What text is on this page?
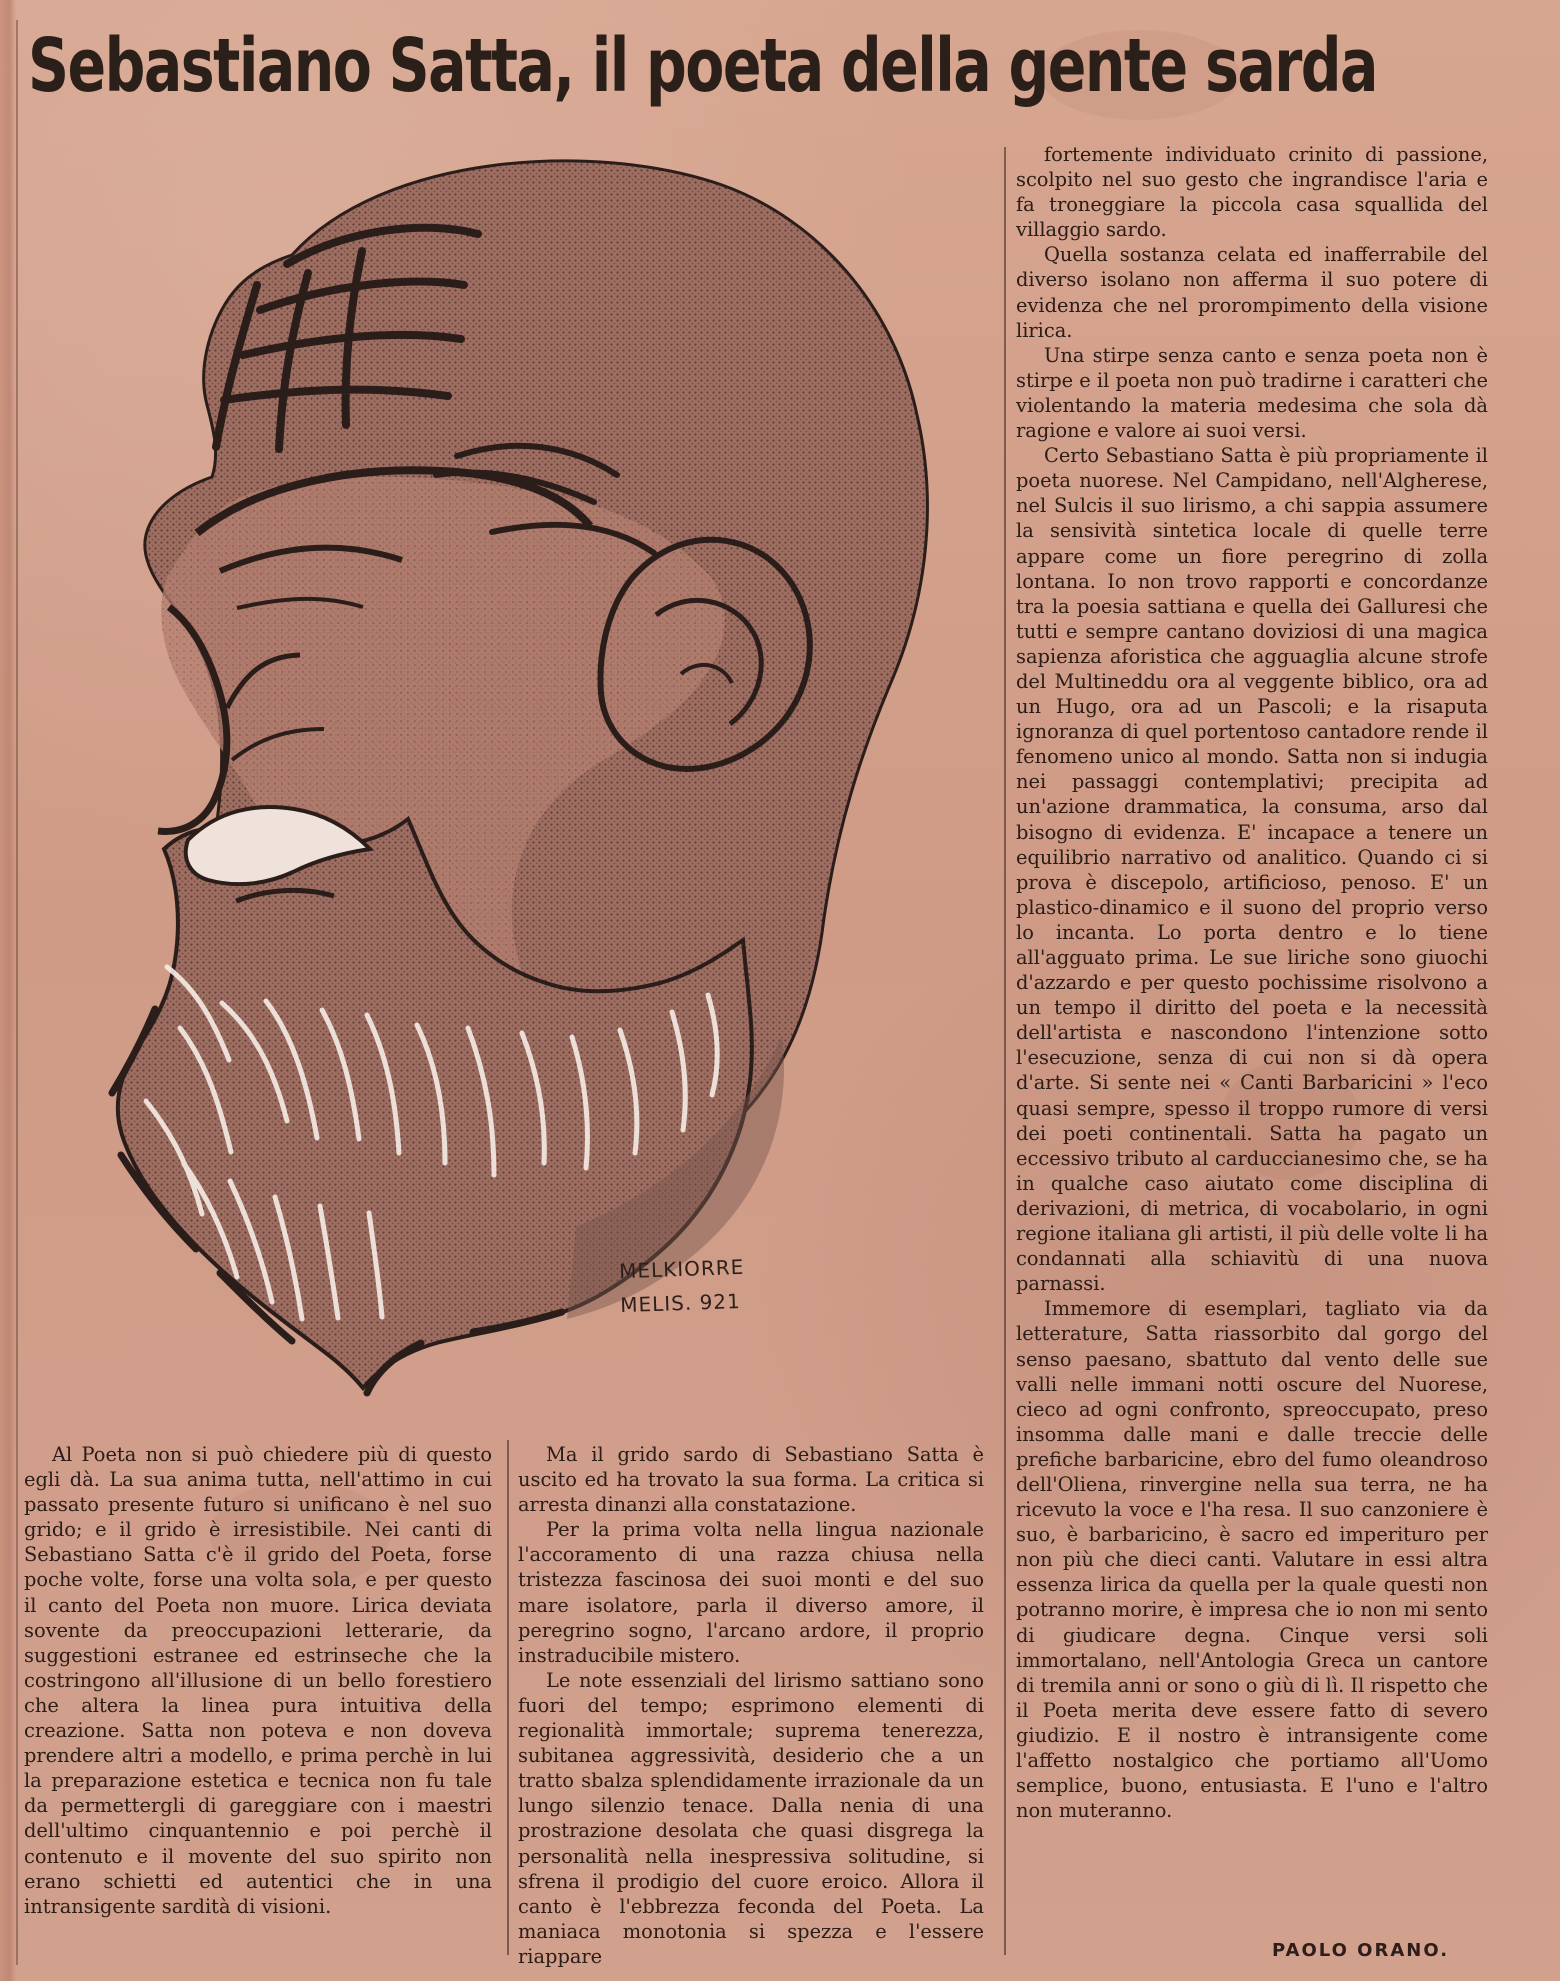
Sebastiano Satta, il poeta della gente sarda
MELKIORRE
MELIS. 921

fortemente individuato crinito di passione, scolpito nel suo gesto che ingrandisce l'aria e fa troneggiare la piccola casa squallida del villaggio sardo.

Quella sostanza celata ed inafferrabile del diverso isolano non afferma il suo potere di evidenza che nel prorompimento della visione lirica.

Una stirpe senza canto e senza poeta non è stirpe e il poeta non può tradirne i caratteri che violentando la materia medesima che sola dà ragione e valore ai suoi versi.

Certo Sebastiano Satta è più propriamente il poeta nuorese. Nel Campidano, nell'Algherese, nel Sulcis il suo lirismo, a chi sappia assumere la sensività sintetica locale di quelle terre appare come un fiore peregrino di zolla lontana. Io non trovo rapporti e concordanze tra la poesia sattiana e quella dei Galluresi che tutti e sempre cantano doviziosi di una magica sapienza aforistica che agguaglia alcune strofe del Multineddu ora al veggente biblico, ora ad un Hugo, ora ad un Pascoli; e la risaputa ignoranza di quel portentoso cantadore rende il fenomeno unico al mondo. Satta non si indugia nei passaggi contemplativi; precipita ad un'azione drammatica, la consuma, arso dal bisogno di evidenza. E' incapace a tenere un equilibrio narrativo od analitico. Quando ci si prova è discepolo, artificioso, penoso. E' un plastico-dinamico e il suono del proprio verso lo incanta. Lo porta dentro e lo tiene all'agguato prima. Le sue liriche sono giuochi d'azzardo e per questo pochissime risolvono a un tempo il diritto del poeta e la necessità dell'artista e nascondono l'intenzione sotto l'esecuzione, senza di cui non si dà opera d'arte. Si sente nei « Canti Barbaricini » l'eco quasi sempre, spesso il troppo rumore di versi dei poeti continentali. Satta ha pagato un eccessivo tributo al carduccianesimo che, se ha in qualche caso aiutato come disciplina di derivazioni, di metrica, di vocabolario, in ogni regione italiana gli artisti, il più delle volte li ha condannati alla schiavitù di una nuova parnassi.

Immemore di esemplari, tagliato via da letterature, Satta riassorbito dal gorgo del senso paesano, sbattuto dal vento delle sue valli nelle immani notti oscure del Nuorese, cieco ad ogni confronto, spreoccupato, preso insomma dalle mani e dalle treccie delle prefiche barbaricine, ebro del fumo oleandroso dell'Oliena, rinvergine nella sua terra, ne ha ricevuto la voce e l'ha resa. Il suo canzoniere è suo, è barbaricino, è sacro ed imperituro per non più che dieci canti. Valutare in essi altra essenza lirica da quella per la quale questi non potranno morire, è impresa che io non mi sento di giudicare degna. Cinque versi soli immortalano, nell'Antologia Greca un cantore di tremila anni or sono o giù di lì. Il rispetto che il Poeta merita deve essere fatto di severo giudizio. E il nostro è intransigente come l'affetto nostalgico che portiamo all'Uomo semplice, buono, entusiasta. E l'uno e l'altro non muteranno.

Al Poeta non si può chiedere più di questo egli dà. La sua anima tutta, nell'attimo in cui passato presente futuro si unificano è nel suo grido; e il grido è irresistibile. Nei canti di Sebastiano Satta c'è il grido del Poeta, forse poche volte, forse una volta sola, e per questo il canto del Poeta non muore. Lirica deviata sovente da preoccupazioni letterarie, da suggestioni estranee ed estrinseche che la costringono all'illusione di un bello forestiero che altera la linea pura intuitiva della creazione. Satta non poteva e non doveva prendere altri a modello, e prima perchè in lui la preparazione estetica e tecnica non fu tale da permettergli di gareggiare con i maestri dell'ultimo cinquantennio e poi perchè il contenuto e il movente del suo spirito non erano schietti ed autentici che in una intransigente sardità di visioni.

Ma il grido sardo di Sebastiano Satta è uscito ed ha trovato la sua forma. La critica si arresta dinanzi alla constatazione.

Per la prima volta nella lingua nazionale l'accoramento di una razza chiusa nella tristezza fascinosa dei suoi monti e del suo mare isolatore, parla il diverso amore, il peregrino sogno, l'arcano ardore, il proprio instraducibile mistero.

Le note essenziali del lirismo sattiano sono fuori del tempo; esprimono elementi di regionalità immortale; suprema tenerezza, subitanea aggressività, desiderio che a un tratto sbalza splendidamente irrazionale da un lungo silenzio tenace. Dalla nenia di una prostrazione desolata che quasi disgrega la personalità nella inespressiva solitudine, si sfrena il prodigio del cuore eroico. Allora il canto è l'ebbrezza feconda del Poeta. La maniaca monotonia si spezza e l'essere riappare	PAOLO ORANO.
